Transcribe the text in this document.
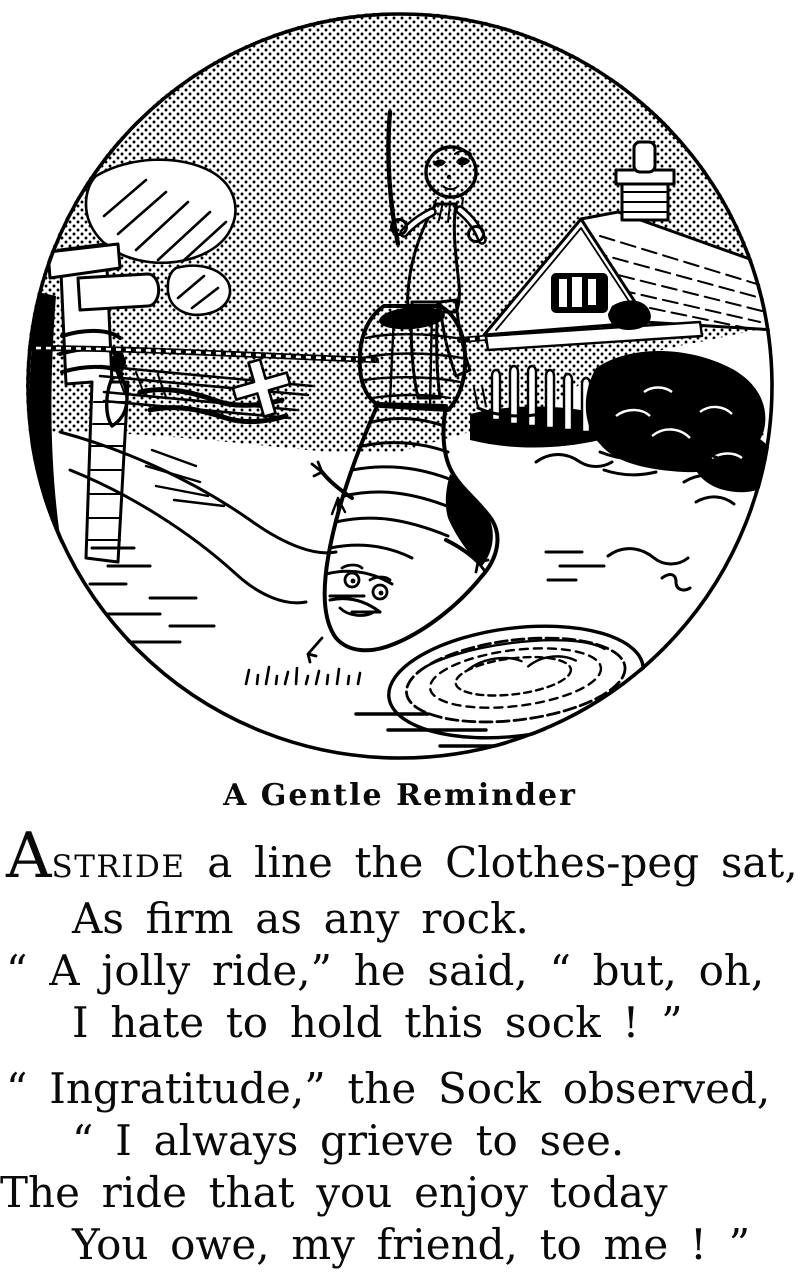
A Gentle Reminder
ASTRIDE a line the Clothes-peg sat,
As firm as any rock.
“ A jolly ride,” he said, “ but, oh,
I hate to hold this sock ! ”
“ Ingratitude,” the Sock observed,
“ I always grieve to see.
The ride that you enjoy today
You owe, my friend, to me ! ”
